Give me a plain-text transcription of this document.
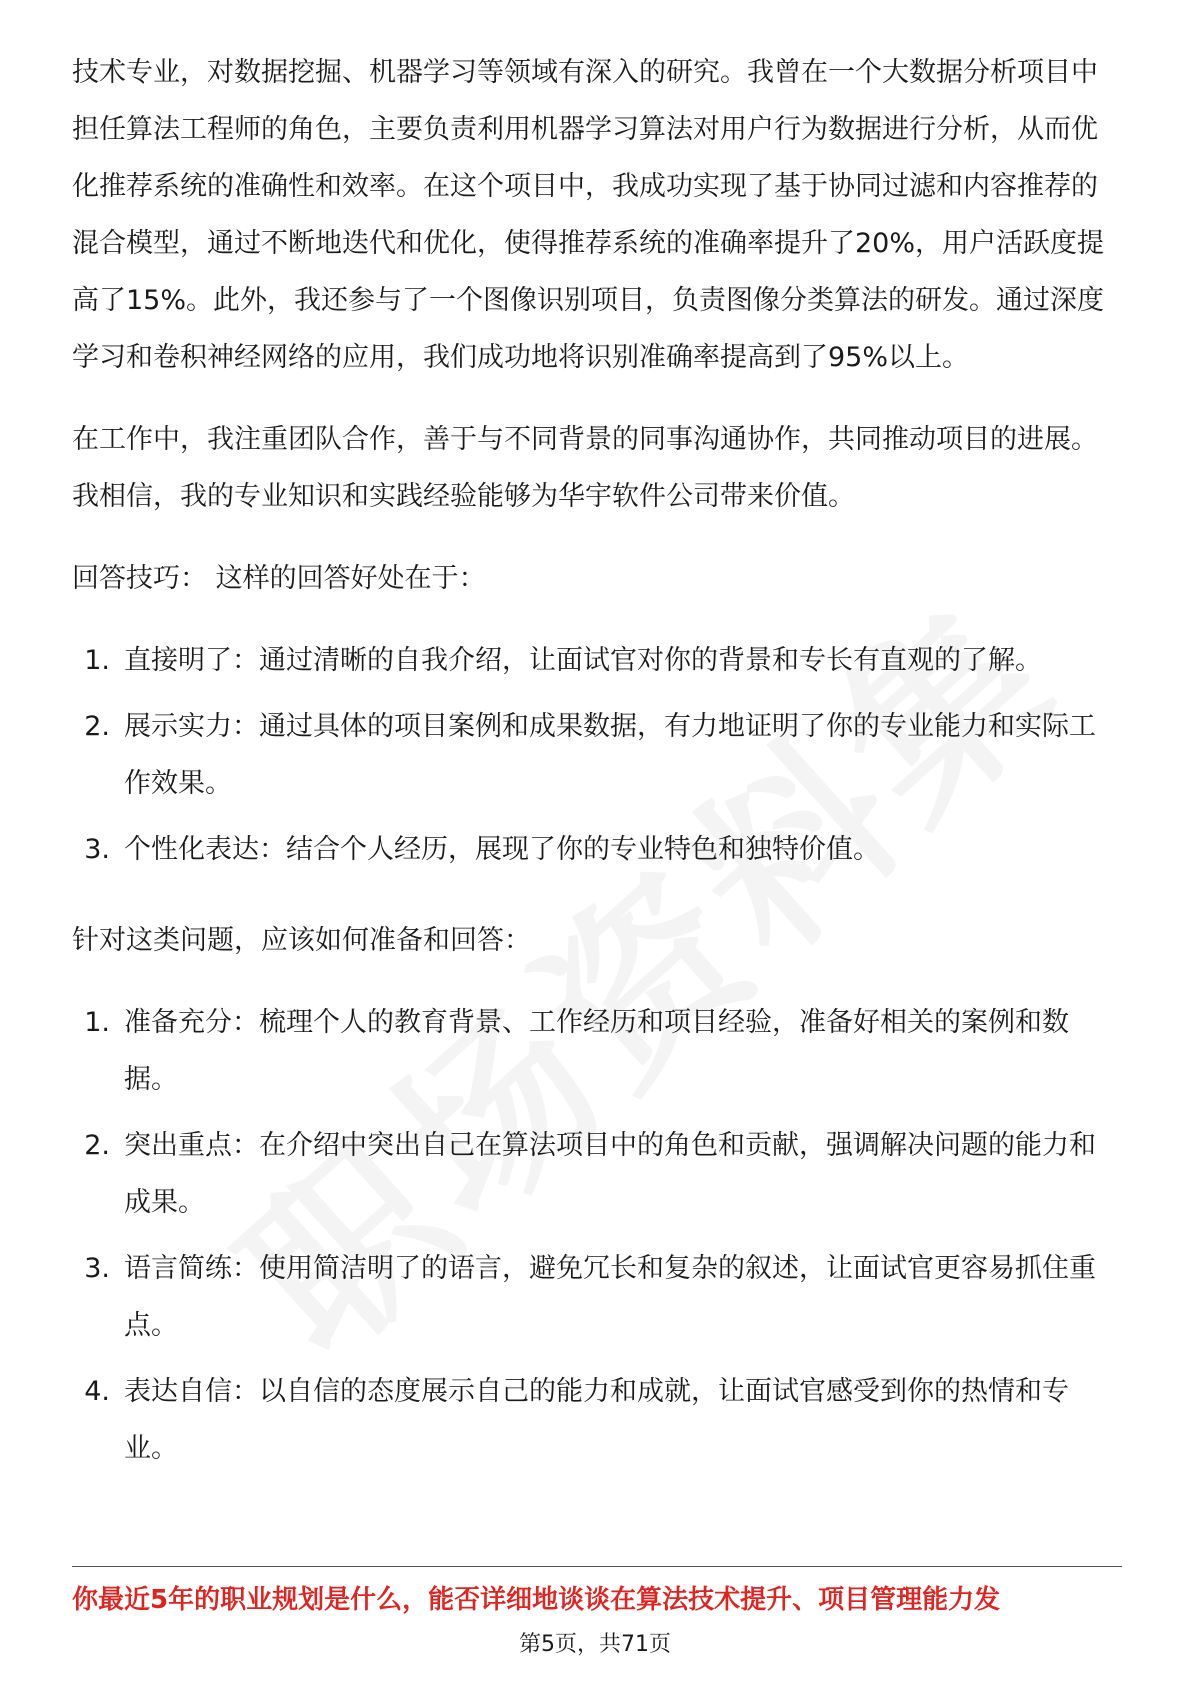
技术专业，对数据挖掘、机器学习等领域有深入的研究。我曾在一个大数据分析项目中担任算法工程师的角色，主要负责利用机器学习算法对用户行为数据进行分析，从而优化推荐系统的准确性和效率。在这个项目中，我成功实现了基于协同过滤和内容推荐的混合模型，通过不断地迭代和优化，使得推荐系统的准确率提升了20%，用户活跃度提高了15%。此外，我还参与了一个图像识别项目，负责图像分类算法的研发。通过深度学习和卷积神经网络的应用，我们成功地将识别准确率提高到了95%以上。

在工作中，我注重团队合作，善于与不同背景的同事沟通协作，共同推动项目的进展。我相信，我的专业知识和实践经验能够为华宇软件公司带来价值。

回答技巧： 这样的回答好处在于：

1. 直接明了：通过清晰的自我介绍，让面试官对你的背景和专长有直观的了解。
2. 展示实力：通过具体的项目案例和成果数据，有力地证明了你的专业能力和实际工作效果。
3. 个性化表达：结合个人经历，展现了你的专业特色和独特价值。

针对这类问题，应该如何准备和回答：

1. 准备充分：梳理个人的教育背景、工作经历和项目经验，准备好相关的案例和数据。
2. 突出重点：在介绍中突出自己在算法项目中的角色和贡献，强调解决问题的能力和成果。
3. 语言简练：使用简洁明了的语言，避免冗长和复杂的叙述，让面试官更容易抓住重点。
4. 表达自信：以自信的态度展示自己的能力和成就，让面试官感受到你的热情和专业。
你最近5年的职业规划是什么，能否详细地谈谈在算法技术提升、项目管理能力发
第5页，共71页
